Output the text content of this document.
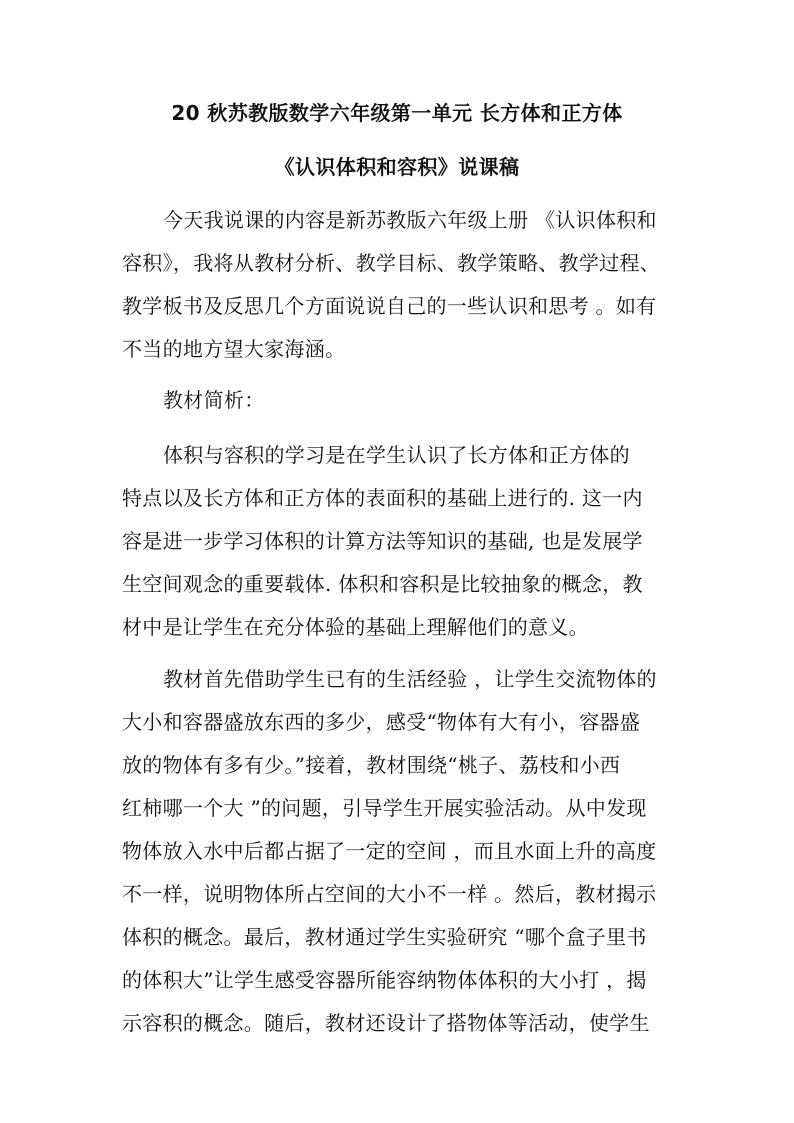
20 秋苏教版数学六年级第一单元 长方体和正方体
《认识体积和容积》说课稿
今天我说课的内容是新苏教版六年级上册 《认识体积和
容积》，我将从教材分析、教学目标、教学策略、教学过程、
教学板书及反思几个方面说说自己的一些认识和思考 。如有
不当的地方望大家海涵。
教材简析：
体积与容积的学习是在学生认识了长方体和正方体的
特点以及长方体和正方体的表面积的基础上进行的. 这一内
容是进一步学习体积的计算方法等知识的基础, 也是发展学
生空间观念的重要载体. 体积和容积是比较抽象的概念，教
材中是让学生在充分体验的基础上理解他们的意义。
教材首先借助学生已有的生活经验 ，让学生交流物体的
大小和容器盛放东西的多少，感受“物体有大有小，容器盛
放的物体有多有少。”接着，教材围绕“桃子、荔枝和小西
红柿哪一个大 ”的问题，引导学生开展实验活动。从中发现
物体放入水中后都占据了一定的空间 ，而且水面上升的高度
不一样，说明物体所占空间的大小不一样 。然后，教材揭示
体积的概念。最后，教材通过学生实验研究 “哪个盒子里书
的体积大”让学生感受容器所能容纳物体体积的大小打 ，揭
示容积的概念。随后，教材还设计了搭物体等活动，使学生
